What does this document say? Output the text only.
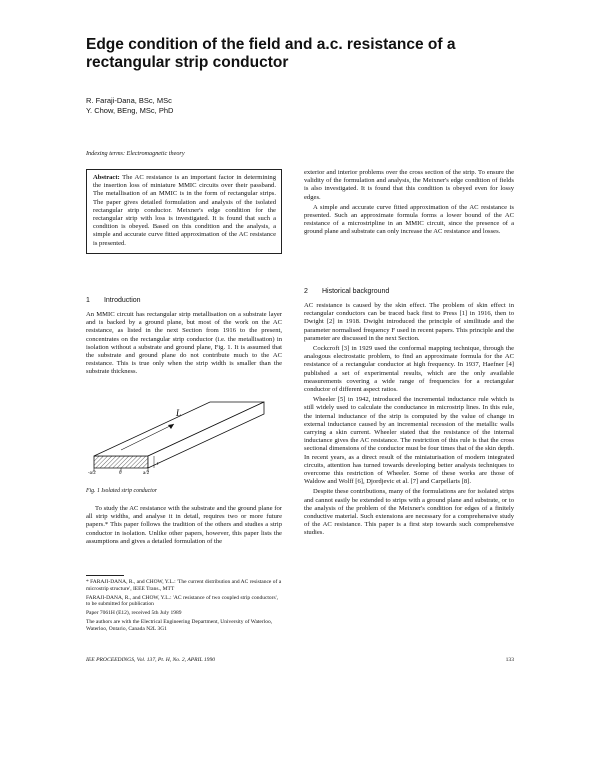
Edge condition of the field and a.c. resistance of a rectangular strip conductor
R. Faraji-Dana, BSc, MSc
Y. Chow, BEng, MSc, PhD
Indexing terms: Electromagnetic theory
Abstract: The AC resistance is an important factor in determining the insertion loss of miniature MMIC circuits over their passband. The metallisation of an MMIC is in the form of rectangular strips. The paper gives detailed formulation and analysis of the isolated rectangular strip conductor. Meixner's edge condition for the rectangular strip with loss is investigated. It is found that such a condition is obeyed. Based on this condition and the analysis, a simple and accurate curve fitted approximation of the AC resistance is presented.
1 Introduction

An MMIC circuit has rectangular strip metallisation on a substrate layer and is backed by a ground plane, but most of the work on the AC resistance, as listed in the next Section from 1916 to the present, concentrates on the rectangular strip conductor (i.e. the metallisation) in isolation without a substrate and ground plane, Fig. 1. It is assumed that the substrate and ground plane do not contribute much to the AC resistance. This is true only when the strip width is smaller than the substrate thickness.

L
-a/2	0	a/2
t
Fig. 1 Isolated strip conductor

To study the AC resistance with the substrate and the ground plane for all strip widths, and analyse it in detail, requires two or more future papers.* This paper follows the tradition of the others and studies a strip conductor in isolation. Unlike other papers, however, this paper lists the assumptions and gives a detailed formulation of the

* FARAJI-DANA, R., and CHOW, Y.L.: 'The current distribution and AC resistance of a microstrip structure', IEEE Trans., MTT

FARAJI-DANA, R., and CHOW, Y.L.: 'AC resistance of two coupled strip conductors', to be submitted for publication

Paper 7061H (E12), received 5th July 1989

The authors are with the Electrical Engineering Department, University of Waterloo, Waterloo, Ontario, Canada N2L 3G1

exterior and interior problems over the cross section of the strip. To ensure the validity of the formulation and analysis, the Meixner's edge condition of fields is also investigated. It is found that this condition is obeyed even for lossy edges.

A simple and accurate curve fitted approximation of the AC resistance is presented. Such an approximate formula forms a lower bound of the AC resistance of a microstripline in an MMIC circuit, since the presence of a ground plane and substrate can only increase the AC resistance and losses.

2 Historical background

AC resistance is caused by the skin effect. The problem of skin effect in rectangular conductors can be traced back first to Press [1] in 1916, then to Dwight [2] in 1918. Dwight introduced the principle of similitude and the parameter normalised frequency F used in recent papers. This principle and the parameter are discussed in the next Section.

Cockcroft [3] in 1929 used the conformal mapping technique, through the analogous electrostatic problem, to find an approximate formula for the AC resistance of a rectangular conductor at high frequency. In 1937, Haefner [4] published a set of experimental results, which are the only available measurements covering a wide range of frequencies for a rectangular conductor of different aspect ratios.

Wheeler [5] in 1942, introduced the incremental inductance rule which is still widely used to calculate the conductance in microstrip lines. In this rule, the internal inductance of the strip is computed by the value of change in external inductance caused by an incremental recession of the metallic walls carrying a skin current. Wheeler stated that the resistance of the internal inductance gives the AC resistance. The restriction of this rule is that the cross sectional dimensions of the conductor must be four times that of the skin depth. In recent years, as a direct result of the miniaturisation of modern integrated circuits, attention has turned towards developing better analysis techniques to overcome this restriction of Wheeler. Some of these works are those of Waldow and Wolff [6], Djordjevic et al. [7] and Carpellaris [8].

Despite these contributions, many of the formulations are for isolated strips and cannot easily be extended to strips with a ground plane and substrate, or to the analysis of the problem of the Meixner's condition for edges of a finitely conductive material. Such extensions are necessary for a comprehensive study of the AC resistance. This paper is a first step towards such comprehensive studies.

IEE PROCEEDINGS, Vol. 137, Pt. H, No. 2, APRIL 1990	133
